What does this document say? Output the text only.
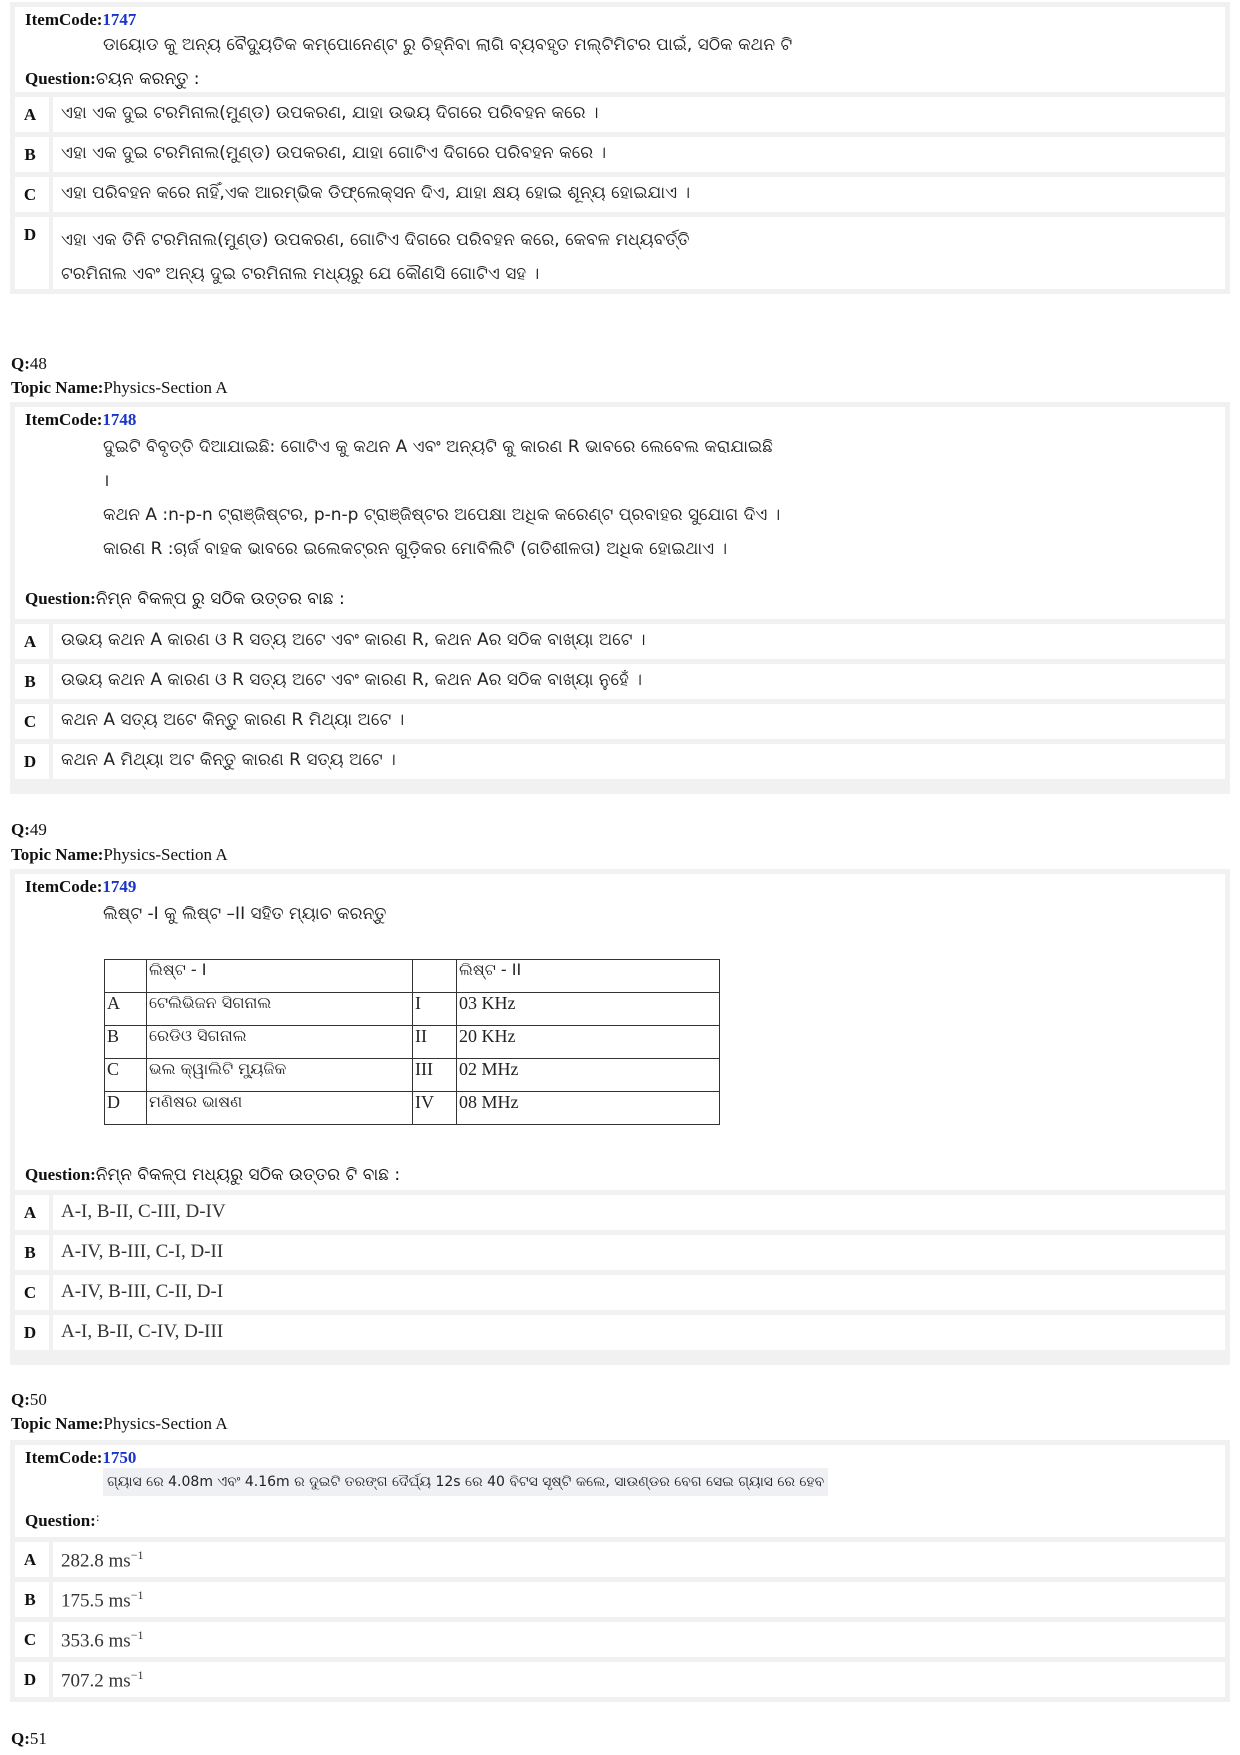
ItemCode:1747

ଡାୟୋଡ କୁ ଅନ୍ୟ ବୈଦ୍ୟୁତିକ କମ୍ପୋନେଣ୍ଟ ରୁ ଚିହ୍ନିବା ଲାଗି ବ୍ୟବହୃତ ମଲ୍ଟିମିଟର ପାଇଁ, ସଠିକ କଥନ ଟି

Question:ଚୟନ କରନ୍ତୁ :
A	ଏହା ଏକ ଦୁଇ ଟରମିନାଲ(ମୁଣ୍ଡ) ଉପକରଣ, ଯାହା ଉଭୟ ଦିଗରେ ପରିବହନ କରେ ।
B	ଏହା ଏକ ଦୁଇ ଟରମିନାଲ(ମୁଣ୍ଡ) ଉପକରଣ, ଯାହା ଗୋଟିଏ ଦିଗରେ ପରିବହନ କରେ ।
C	ଏହା ପରିବହନ କରେ ନାହିଁ,ଏକ ଆରମ୍ଭିକ ଡିଫ୍ଲେକ୍ସନ ଦିଏ, ଯାହା କ୍ଷୟ ହୋଇ ଶୂନ୍ୟ ହୋଇଯାଏ ।
D	ଏହା ଏକ ତିନି ଟରମିନାଲ(ମୁଣ୍ଡ) ଉପକରଣ, ଗୋଟିଏ ଦିଗରେ ପରିବହନ କରେ, କେବଳ ମଧ୍ୟବର୍ତ୍ତି

ଟରମିନାଲ ଏବଂ ଅନ୍ୟ ଦୁଇ ଟରମିନାଲ ମଧ୍ୟରୁ ଯେ କୌଣସି ଗୋଟିଏ ସହ ।

Q:48
Topic Name:Physics-Section A
ItemCode:1748

ଦୁଇଟି ବିବୃତ୍ତି ଦିଆଯାଇଛି: ଗୋଟିଏ କୁ କଥନ A ଏବଂ ଅନ୍ୟଟି କୁ କାରଣ R ଭାବରେ ଲେବେଲ କରାଯାଇଛି

।

କଥନ A :n-p-n ଟ୍ରାଞ୍ଜିଷ୍ଟର, p-n-p ଟ୍ରାଞ୍ଜିଷ୍ଟର ଅପେକ୍ଷା ଅଧିକ କରେଣ୍ଟ ପ୍ରବାହର ସୁଯୋଗ ଦିଏ ।

କାରଣ R :ଚାର୍ଜ ବାହକ ଭାବରେ ଇଲେକଟ୍ରନ ଗୁଡ଼ିକର ମୋବିଲିଟି (ଗତିଶୀଳତା) ଅଧିକ ହୋଇଥାଏ ।

Question:ନିମ୍ନ ବିକଳ୍ପ ରୁ ସଠିକ ଉତ୍ତର ବାଛ :
A	ଉଭୟ କଥନ A କାରଣ ଓ R ସତ୍ୟ ଅଟେ ଏବଂ କାରଣ R, କଥନ Aର ସଠିକ ବାଖ୍ୟା ଅଟେ ।
B	ଉଭୟ କଥନ A କାରଣ ଓ R ସତ୍ୟ ଅଟେ ଏବଂ କାରଣ R, କଥନ Aର ସଠିକ ବାଖ୍ୟା ନୁହେଁ ।
C	କଥନ A ସତ୍ୟ ଅଟେ କିନ୍ତୁ କାରଣ R ମିଥ୍ୟା ଅଟେ ।
D	କଥନ A ମିଥ୍ୟା ଅଟ କିନ୍ତୁ କାରଣ R ସତ୍ୟ ଅଟେ ।
Q:49
Topic Name:Physics-Section A
ItemCode:1749

ଲିଷ୍ଟ -I କୁ ଲିଷ୍ଟ –II ସହିତ ମ୍ୟାଚ କରନ୍ତୁ

	ଲିଷ୍ଟ - I		ଲିଷ୍ଟ - II
A	ଟେଲିଭିଜନ ସିଗନାଲ	I	03 KHz
B	ରେଡିଓ ସିଗନାଲ	II	20 KHz
C	ଭଲ କ୍ୱାଲିଟି ମ୍ୟୁଜିକ	III	02 MHz
D	ମଣିଷର ଭାଷଣ	IV	08 MHz
Question:ନିମ୍ନ ବିକଳ୍ପ ମଧ୍ୟରୁ ସଠିକ ଉତ୍ତର ଟି ବାଛ :
A	A-I, B-II, C-III, D-IV
B	A-IV, B-III, C-I, D-II
C	A-IV, B-III, C-II, D-I
D	A-I, B-II, C-IV, D-III
Q:50
Topic Name:Physics-Section A
ItemCode:1750

ଗ୍ୟାସ ରେ 4.08m ଏବଂ 4.16m ର ଦୁଇଟି ତରଙ୍ଗ ଦୈର୍ଘ୍ୟ 12s ରେ 40 ବିଟସ ସୃଷ୍ଟି କଲେ, ସାଉଣ୍ଡର ବେଗ ସେଇ ଗ୍ୟାସ ରେ ହେବ

Question::
A	282.8 $ms^{-1}$
B	175.5 $ms^{-1}$
C	353.6 $ms^{-1}$
D	707.2 $ms^{-1}$
Q:51
